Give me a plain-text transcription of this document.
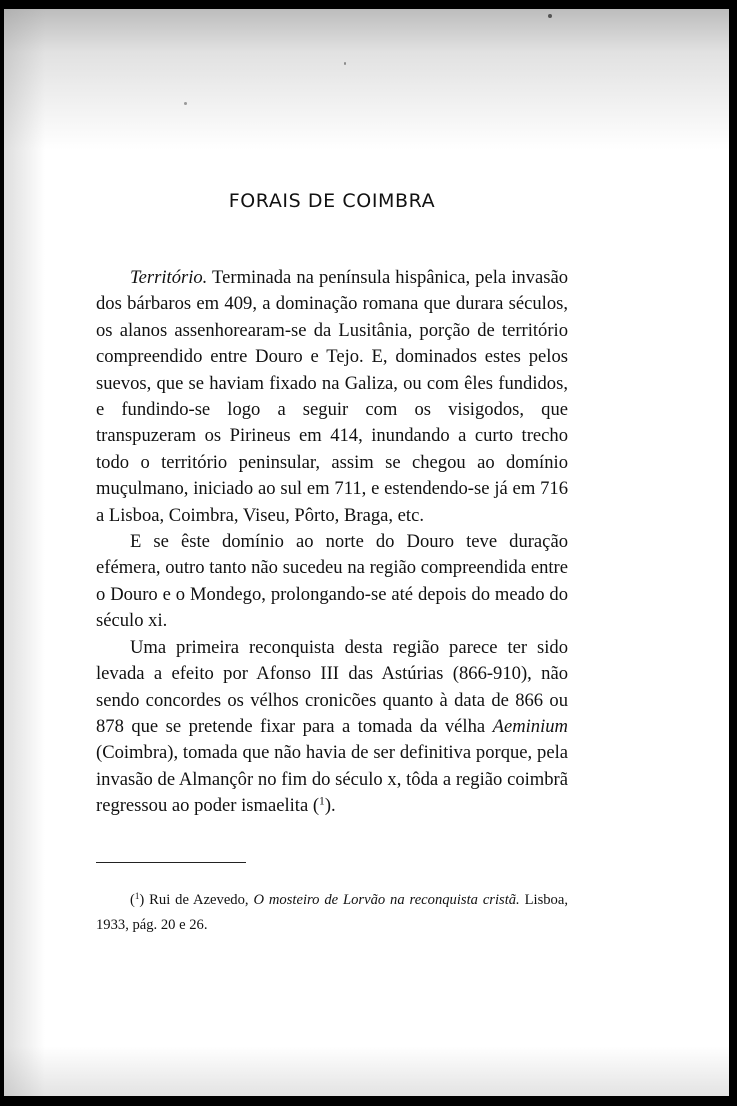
FORAIS DE COIMBRA

Território. Terminada na península hispânica, pela invasão dos bárbaros em 409, a dominação romana que durara séculos, os alanos assenhorearam-se da Lusitânia, porção de território compreendido entre Douro e Tejo. E, dominados estes pelos suevos, que se haviam fixado na Galiza, ou com êles fundidos, e fundindo-se logo a seguir com os visigodos, que transpuzeram os Pirineus em 414, inundando a curto trecho todo o território peninsular, assim se chegou ao domínio muçulmano, iniciado ao sul em 711, e estendendo-se já em 716 a Lisboa, Coimbra, Viseu, Pôrto, Braga, etc.

E se êste domínio ao norte do Douro teve duração efémera, outro tanto não sucedeu na região compreendida entre o Douro e o Mondego, prolongando-se até depois do meado do século xi.

Uma primeira reconquista desta região parece ter sido levada a efeito por Afonso III das Astúrias (866-910), não sendo concordes os vélhos cronicões quanto à data de 866 ou 878 que se pretende fixar para a tomada da vélha Aeminium (Coimbra), tomada que não havia de ser definitiva porque, pela invasão de Almançôr no fim do século x, tôda a região coimbrã regressou ao poder ismaelita ($^1$).

($^1$) Rui de Azevedo, O mosteiro de Lorvão na reconquista cristã. Lisboa, 1933, pág. 20 e 26.
